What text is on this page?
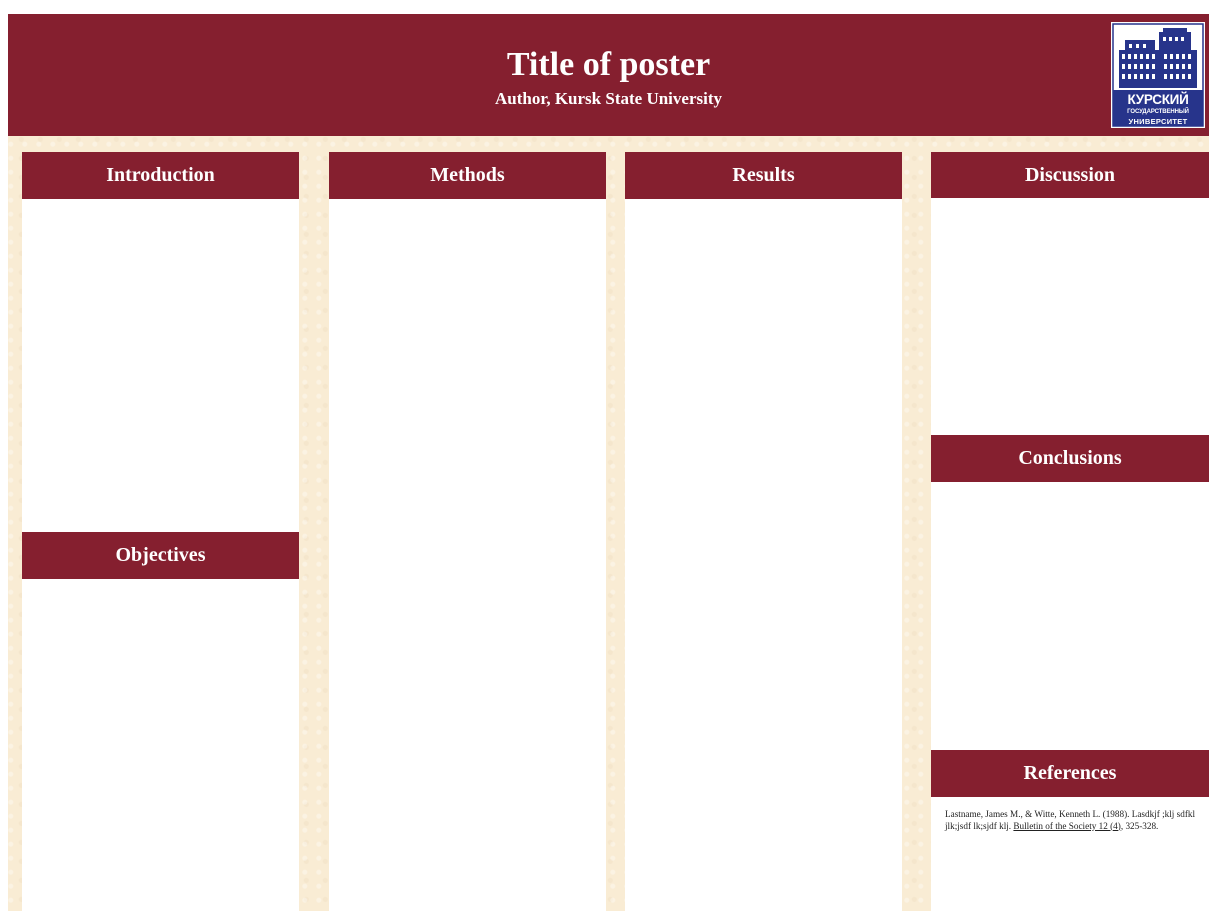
Title of poster
Author, Kursk State University	КУРСКИЙ
ГОСУДАРСТВЕННЫЙ
УНИВЕРСИТЕТ
Introduction
Objectives
Methods	Results	Discussion
Conclusions
References
Lastname, James M., & Witte, Kenneth L. (1988). Lasdkjf ;klj sdfkl jlk;jsdf lk;sjdf klj. Bulletin of the Society 12 (4), 325-328.
